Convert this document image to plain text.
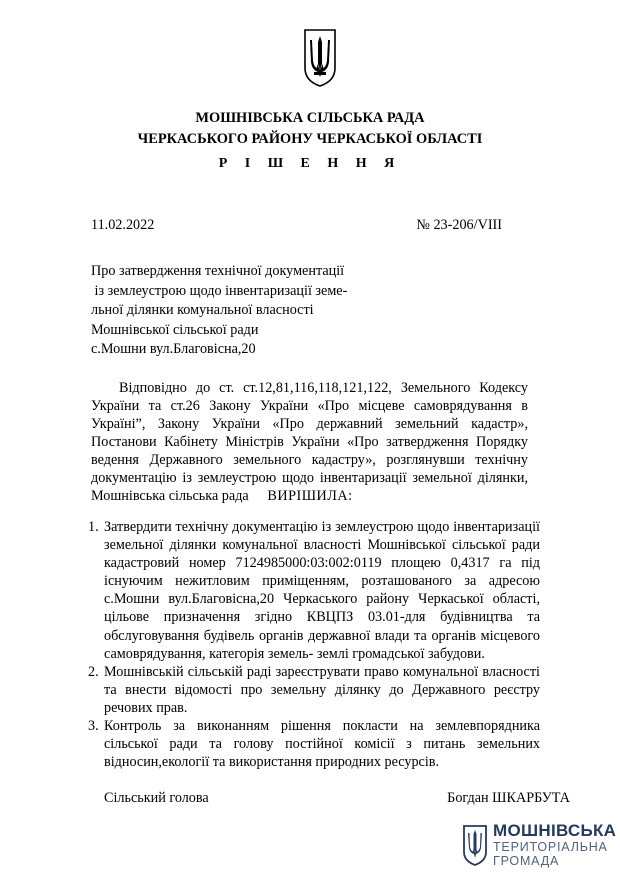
МОШНІВСЬКА СІЛЬСЬКА РАДА
ЧЕРКАСЬКОГО РАЙОНУ ЧЕРКАСЬКОЇ ОБЛАСТІ
Р І Ш Е Н Н Я
11.02.2022	№ 23-206/VIII
Про затвердження технічної документації
із землеустрою щодо інвентаризації земе-
льної ділянки комунальної власності
Мошнівської сільської ради
с.Мошни вул.Благовісна,20
Відповідно до ст. ст.12,81,116,118,121,122, Земельного Кодексу України та ст.26 Закону України «Про місцеве самоврядування в Україні”, Закону України «Про державний земельний кадастр», Постанови Кабінету Міністрів України «Про затвердження Порядку ведення Державного земельного кадастру», розглянувши технічну документацію із землеустрою щодо інвентаризації земельної ділянки, Мошнівська сільська рада	ВИРІШИЛА:
1. Затвердити технічну документацію із землеустрою щодо інвентаризації земельної ділянки комунальної власності Мошнівської сільської ради кадастровий номер 7124985000:03:002:0119 площею 0,4317 га під існуючим нежитловим приміщенням, розташованого за адресою с.Мошни вул.Благовісна,20 Черкаського району Черкаської області, цільове призначення згідно КВЦПЗ 03.01-для будівництва та обслуговування будівель органів державної влади та органів місцевого самоврядування, категорія земель- землі громадської забудови.
2. Мошнівській сільській раді зареєструвати право комунальної власності та внести відомості про земельну ділянку до Державного реєстру речових прав.
3. Контроль за виконанням рішення покласти на землевпорядника сільської ради та голову постійної комісії з питань земельних відносин,екології та використання природних ресурсів.
Сільський голова	Богдан ШКАРБУТА
МОШНІВСЬКА
ТЕРИТОРІАЛЬНА
ГРОМАДА
